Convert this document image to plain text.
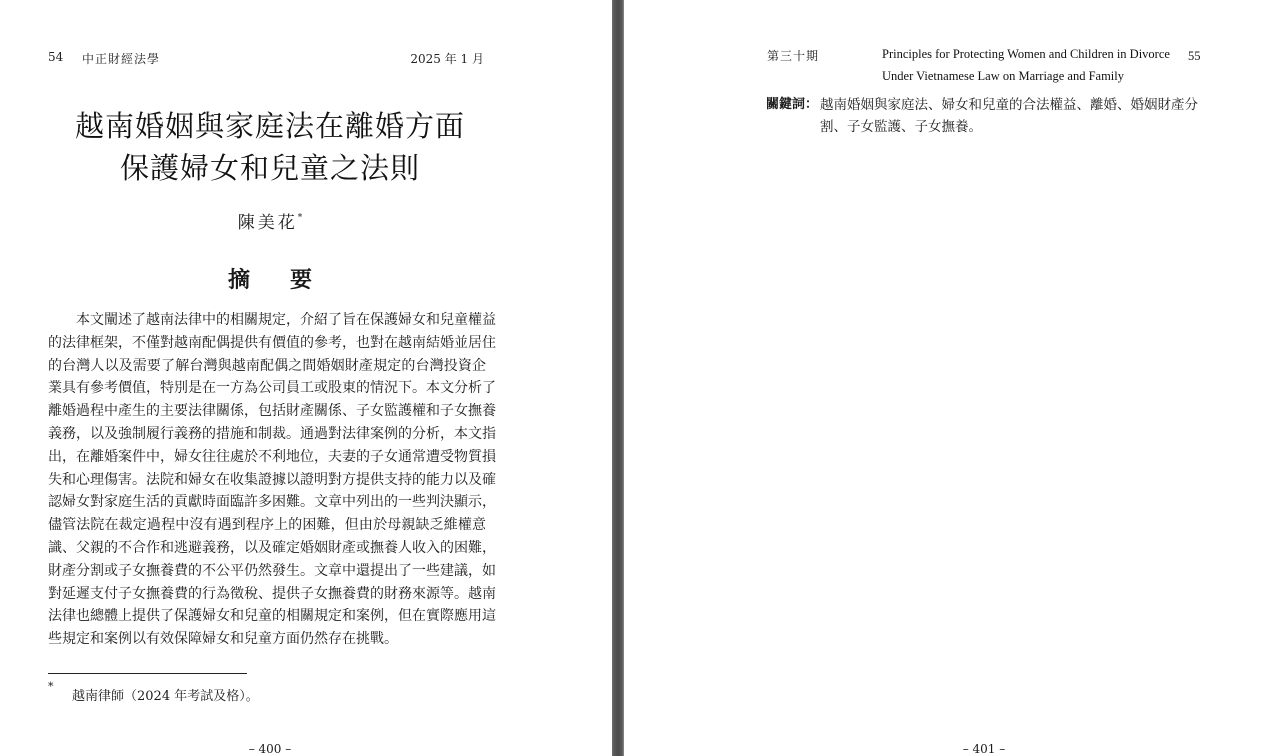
54 中正財經法學	2025 年 1 月
越南婚姻與家庭法在離婚方面
保護婦女和兒童之法則
陳美花*
摘要
本文闡述了越南法律中的相關規定，介紹了旨在保護婦女和兒童權益
的法律框架，不僅對越南配偶提供有價值的參考，也對在越南結婚並居住
的台灣人以及需要了解台灣與越南配偶之間婚姻財產規定的台灣投資企
業具有參考價值，特別是在一方為公司員工或股東的情況下。本文分析了
離婚過程中產生的主要法律關係，包括財產關係、子女監護權和子女撫養
義務，以及強制履行義務的措施和制裁。通過對法律案例的分析，本文指
出，在離婚案件中，婦女往往處於不利地位，夫妻的子女通常遭受物質損
失和心理傷害。法院和婦女在收集證據以證明對方提供支持的能力以及確
認婦女對家庭生活的貢獻時面臨許多困難。文章中列出的一些判決顯示，
儘管法院在裁定過程中沒有遇到程序上的困難，但由於母親缺乏維權意
識、父親的不合作和逃避義務，以及確定婚姻財產或撫養人收入的困難，
財產分割或子女撫養費的不公平仍然發生。文章中還提出了一些建議，如
對延遲支付子女撫養費的行為徵稅、提供子女撫養費的財務來源等。越南
法律也總體上提供了保護婦女和兒童的相關規定和案例，但在實際應用這
些規定和案例以有效保障婦女和兒童方面仍然存在挑戰。
*
越南律師（2024 年考試及格）。
– 400 –
第三十期	Principles for Protecting Women and Children in Divorce
Under Vietnamese Law on Marriage and Family
55
關鍵詞： 越南婚姻與家庭法、婦女和兒童的合法權益、離婚、婚姻財產分
割、子女監護、子女撫養。
– 401 –
